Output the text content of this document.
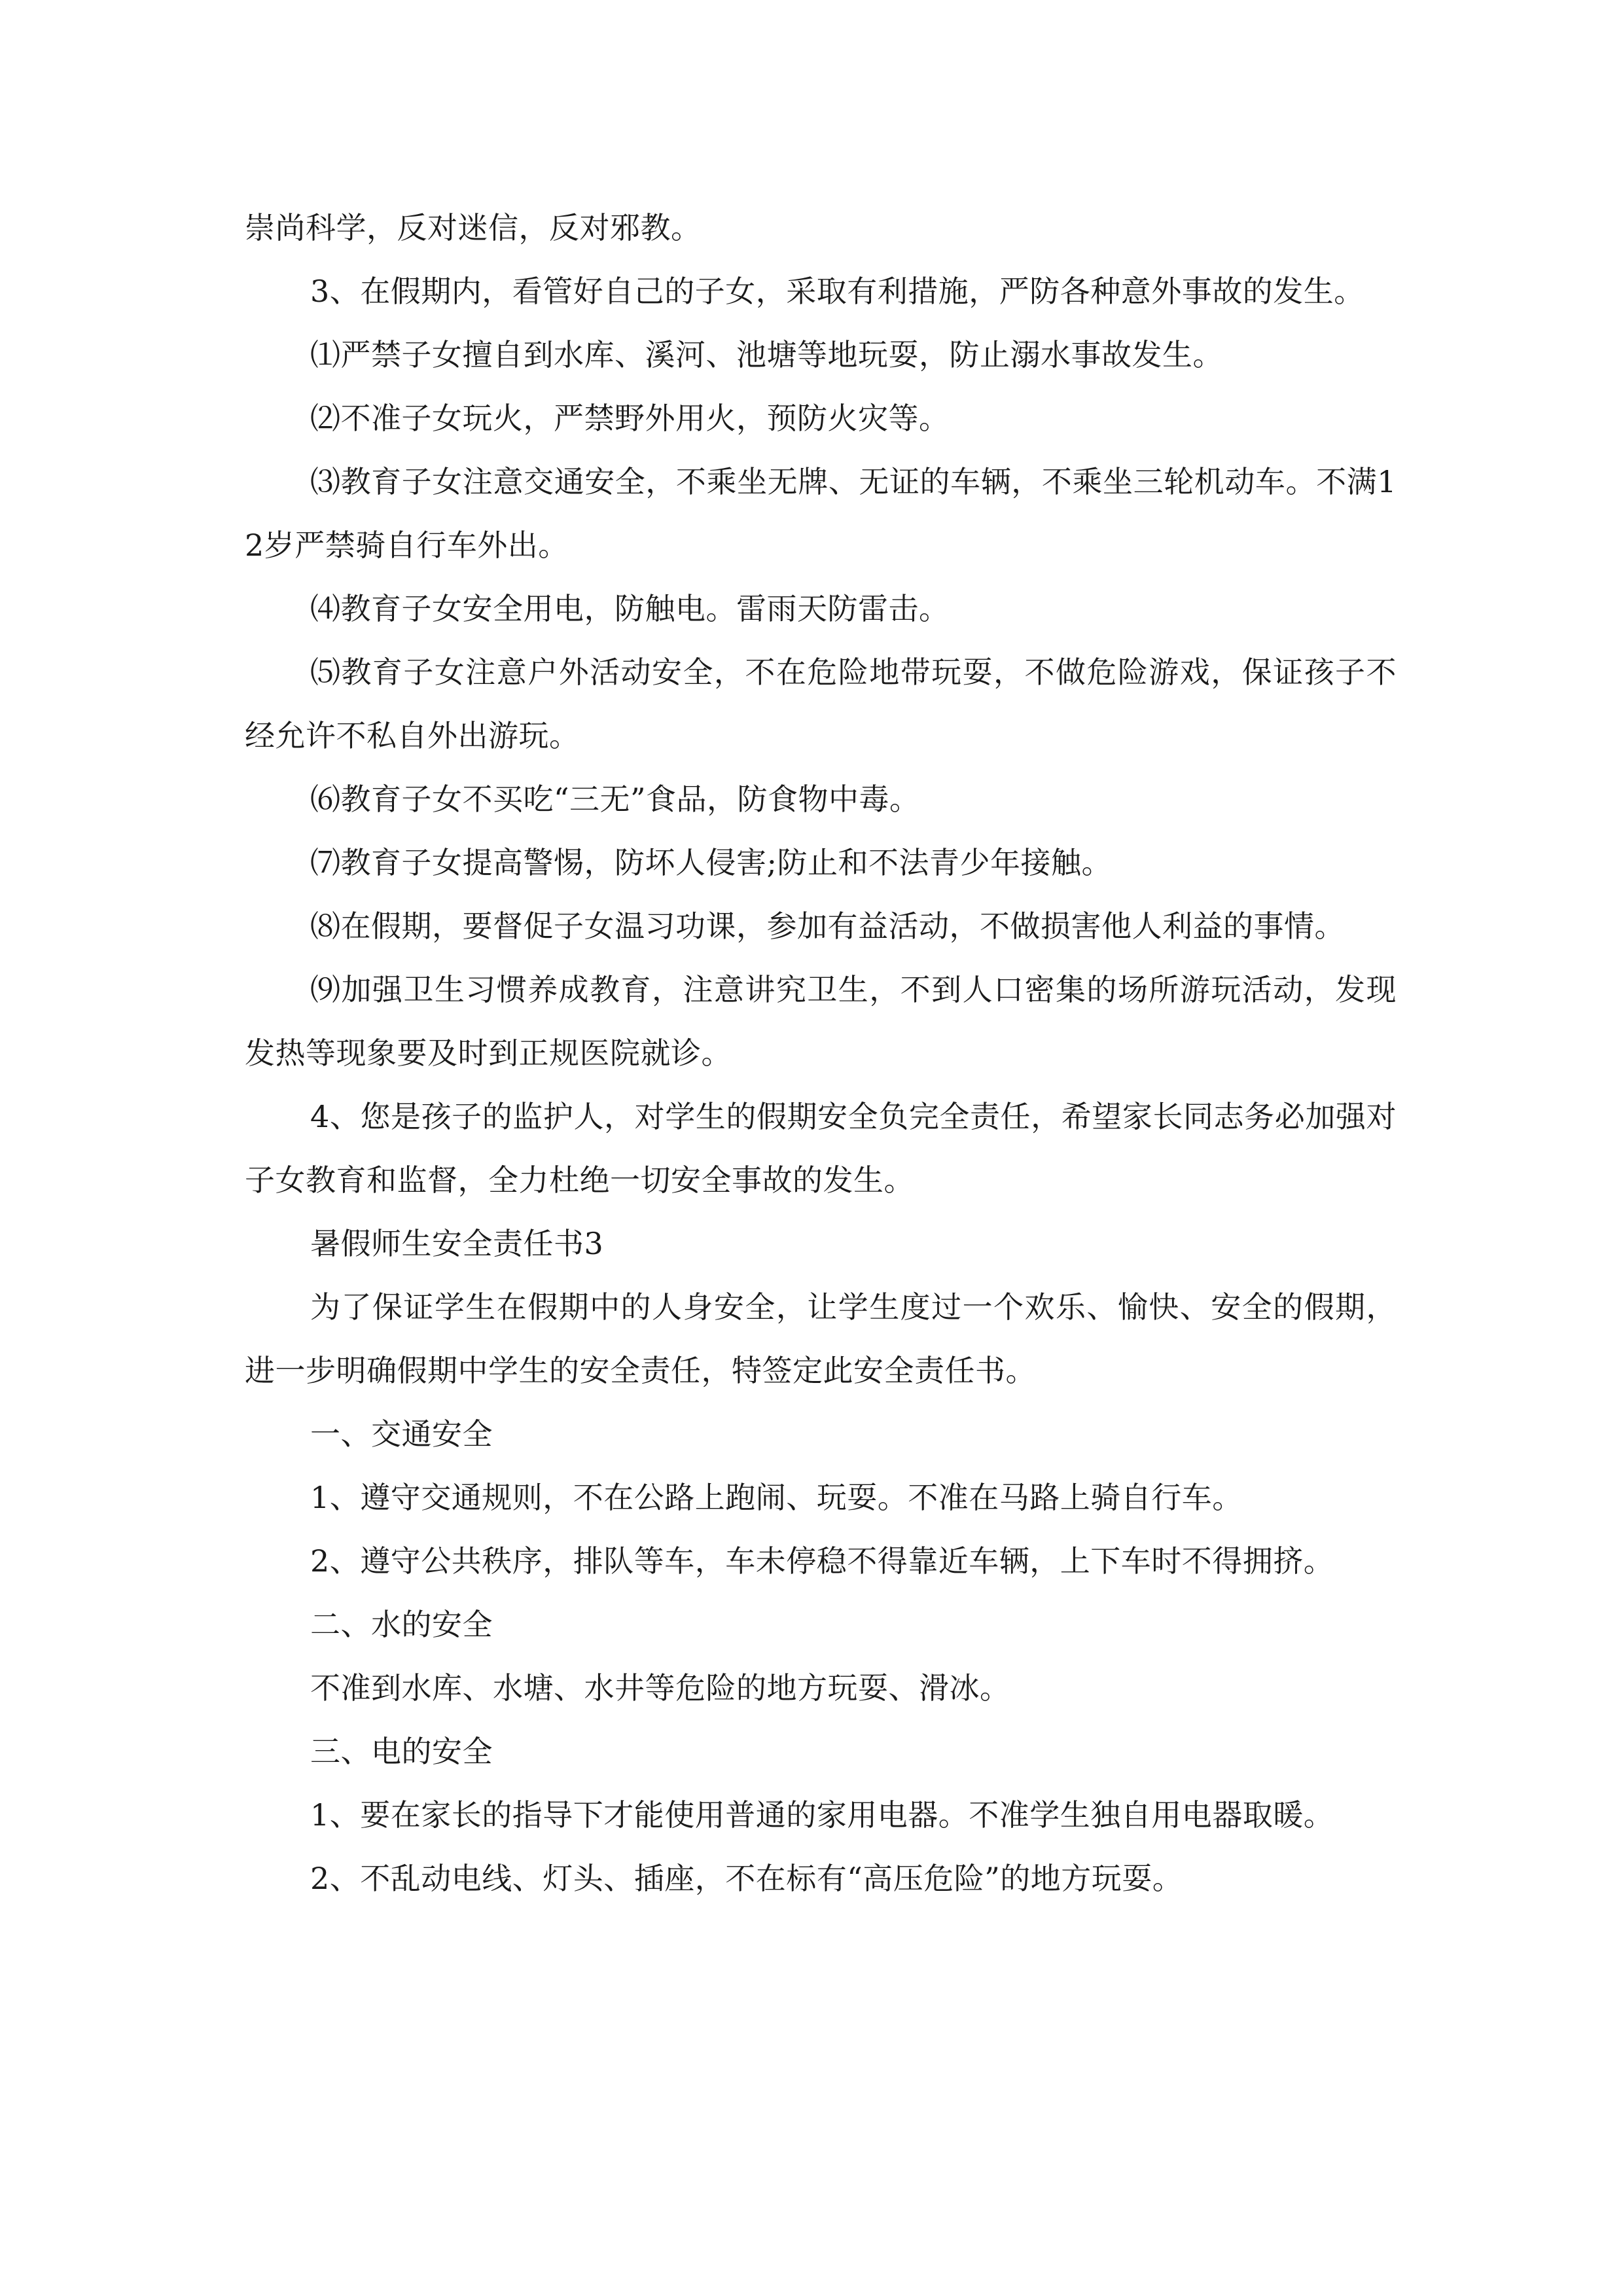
崇尚科学，反对迷信，反对邪教。

3、在假期内，看管好自己的子女，采取有利措施，严防各种意外事故的发生。

⑴严禁子女擅自到水库、溪河、池塘等地玩耍，防止溺水事故发生。

⑵不准子女玩火，严禁野外用火，预防火灾等。

⑶教育子女注意交通安全，不乘坐无牌、无证的车辆，不乘坐三轮机动车。不满12岁严禁骑自行车外出。

⑷教育子女安全用电，防触电。雷雨天防雷击。

⑸教育子女注意户外活动安全，不在危险地带玩耍，不做危险游戏，保证孩子不经允许不私自外出游玩。

⑹教育子女不买吃“三无”食品，防食物中毒。

⑺教育子女提高警惕，防坏人侵害;防止和不法青少年接触。

⑻在假期，要督促子女温习功课，参加有益活动，不做损害他人利益的事情。

⑼加强卫生习惯养成教育，注意讲究卫生，不到人口密集的场所游玩活动，发现发热等现象要及时到正规医院就诊。

4、您是孩子的监护人，对学生的假期安全负完全责任，希望家长同志务必加强对子女教育和监督，全力杜绝一切安全事故的发生。

暑假师生安全责任书3

为了保证学生在假期中的人身安全，让学生度过一个欢乐、愉快、安全的假期，进一步明确假期中学生的安全责任，特签定此安全责任书。

一、交通安全

1、遵守交通规则，不在公路上跑闹、玩耍。不准在马路上骑自行车。

2、遵守公共秩序，排队等车，车未停稳不得靠近车辆，上下车时不得拥挤。

二、水的安全

不准到水库、水塘、水井等危险的地方玩耍、滑冰。

三、电的安全

1、要在家长的指导下才能使用普通的家用电器。不准学生独自用电器取暖。

2、不乱动电线、灯头、插座，不在标有“高压危险”的地方玩耍。
